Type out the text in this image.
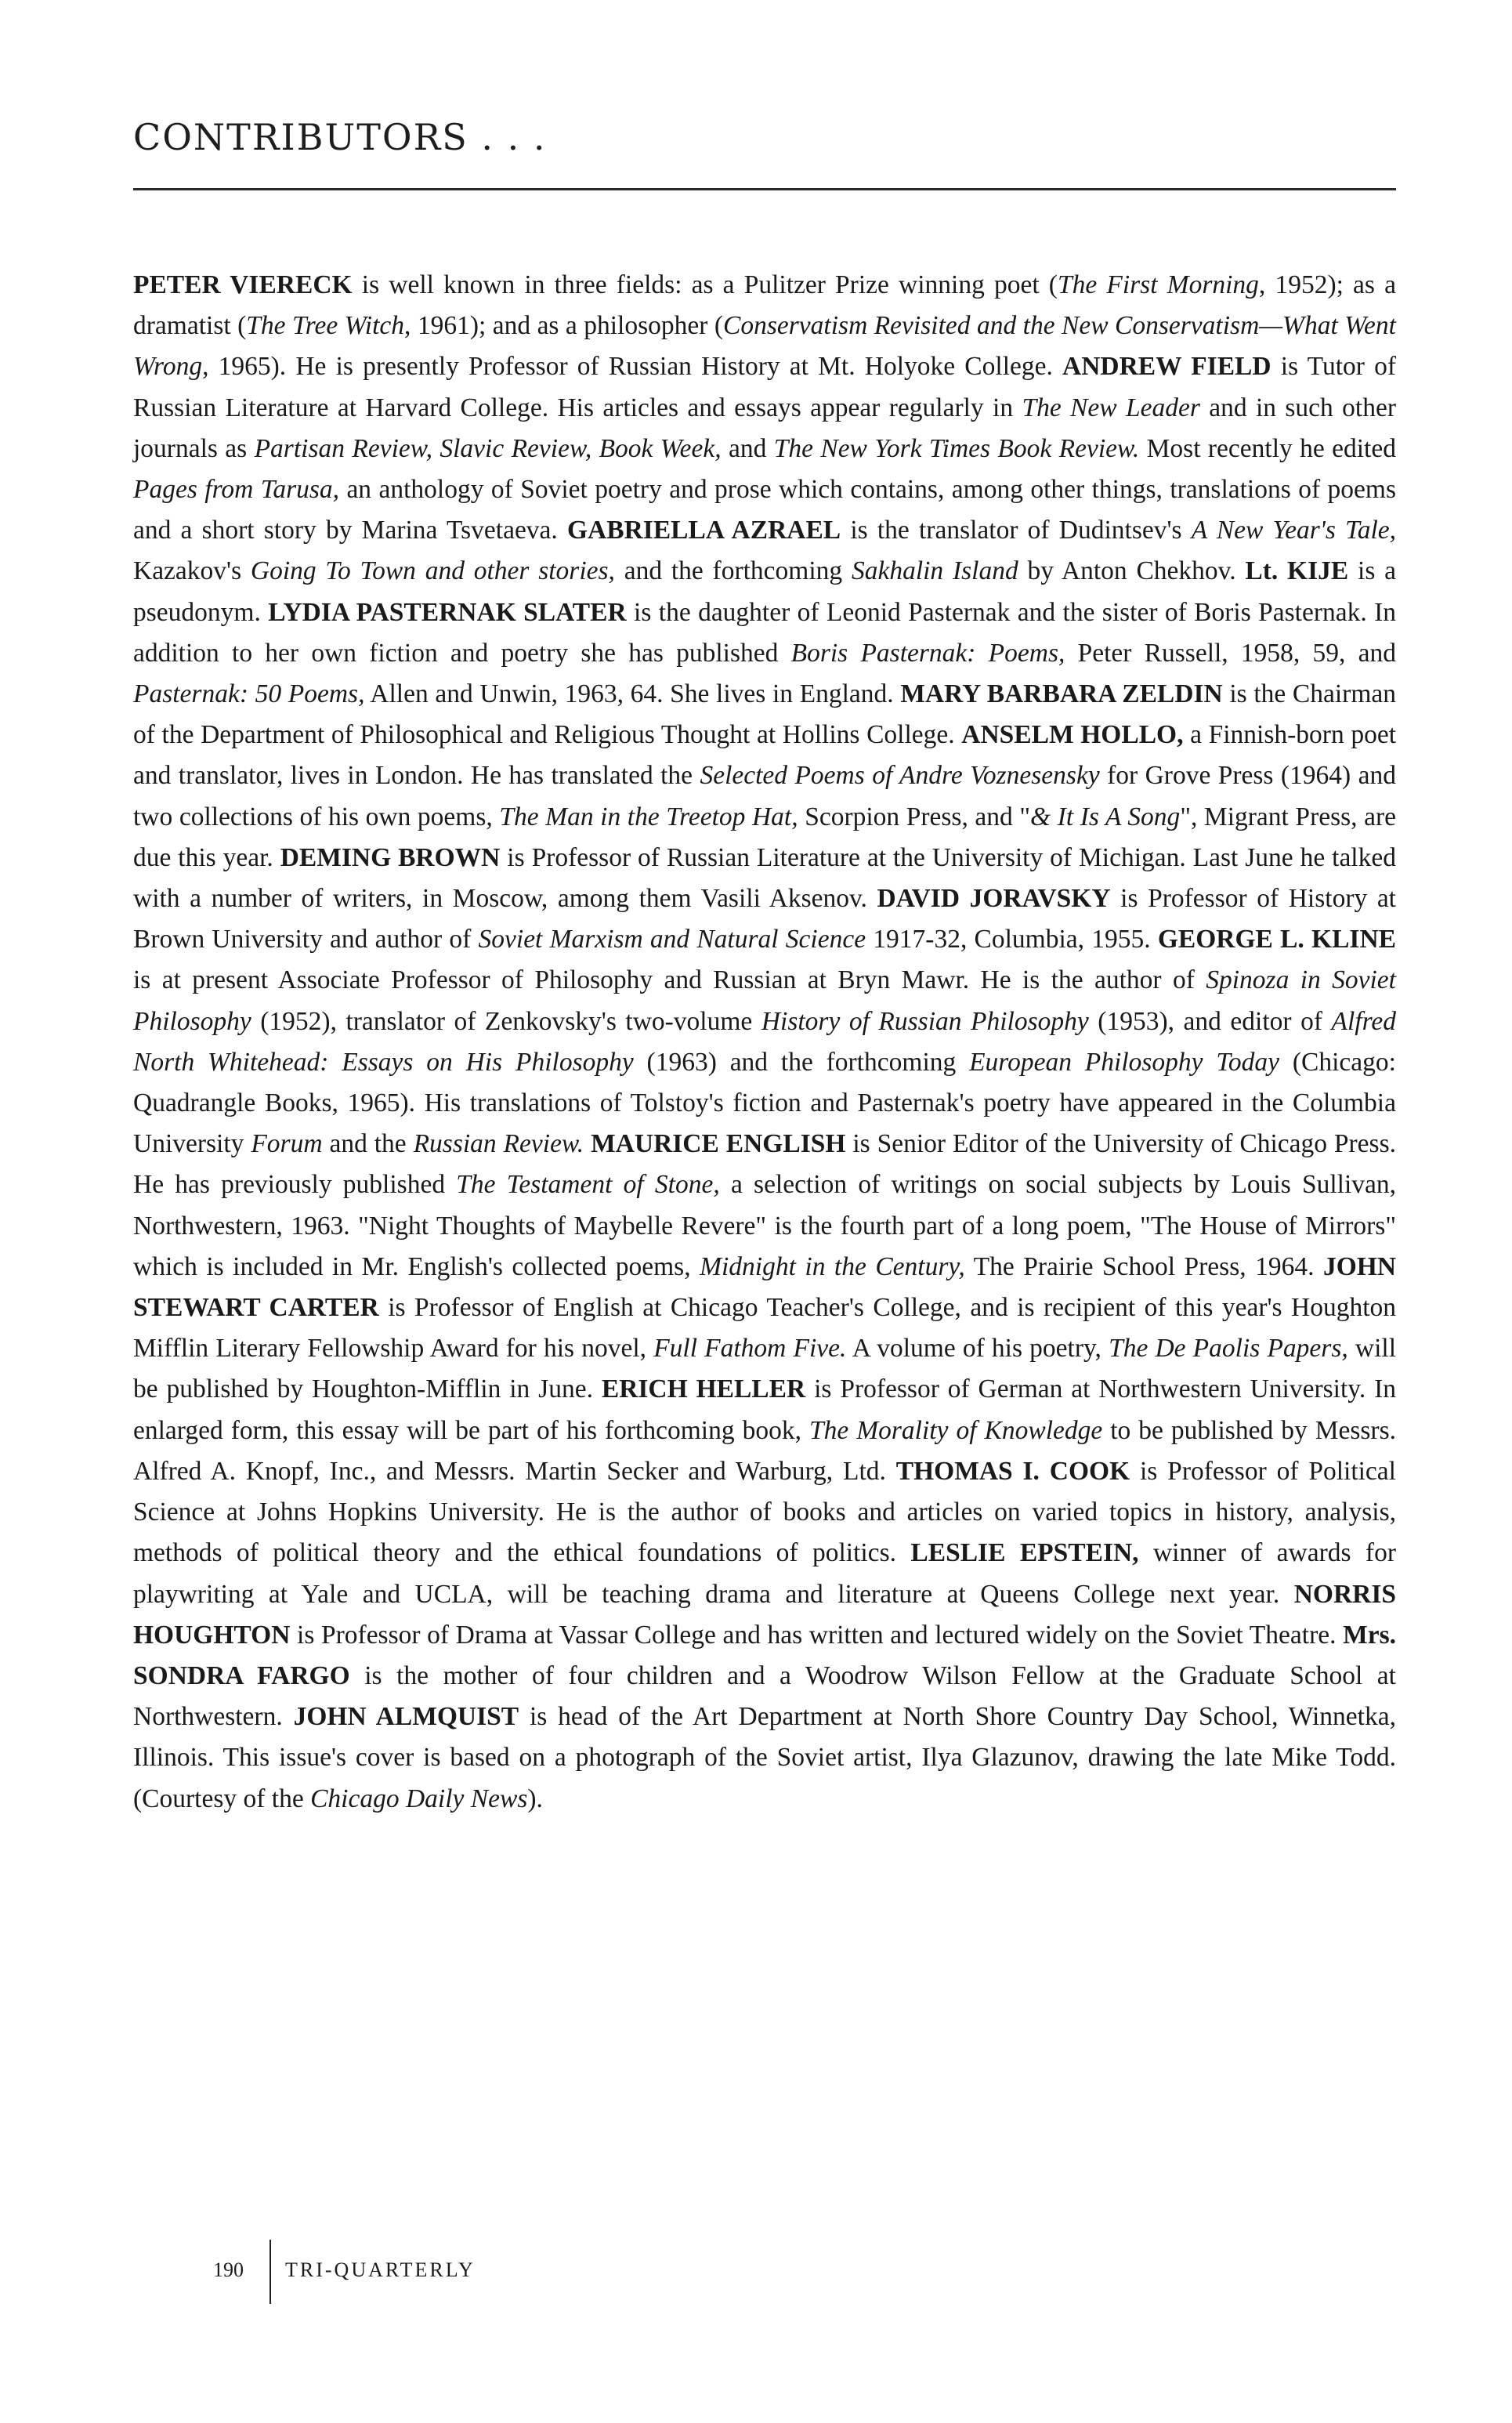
CONTRIBUTORS . . .

PETER VIERECK is well known in three fields: as a Pulitzer Prize winning poet (The First Morning, 1952); as a dramatist (The Tree Witch, 1961); and as a philosopher (Conservatism Revisited and the New Conservatism—What Went Wrong, 1965). He is presently Professor of Russian History at Mt. Holyoke College. ANDREW FIELD is Tutor of Russian Literature at Harvard College. His articles and essays appear regularly in The New Leader and in such other journals as Partisan Review, Slavic Review, Book Week, and The New York Times Book Review. Most recently he edited Pages from Tarusa, an anthology of Soviet poetry and prose which contains, among other things, translations of poems and a short story by Marina Tsvetaeva. GABRIELLA AZRAEL is the translator of Dudintsev's A New Year's Tale, Kazakov's Going To Town and other stories, and the forthcoming Sakhalin Island by Anton Chekhov. Lt. KIJE is a pseudonym. LYDIA PASTERNAK SLATER is the daughter of Leonid Pasternak and the sister of Boris Pasternak. In addition to her own fiction and poetry she has published Boris Pasternak: Poems, Peter Russell, 1958, 59, and Pasternak: 50 Poems, Allen and Unwin, 1963, 64. She lives in England. MARY BARBARA ZELDIN is the Chairman of the Department of Philosophical and Religious Thought at Hollins College. ANSELM HOLLO, a Finnish-born poet and translator, lives in London. He has translated the Selected Poems of Andre Voznesensky for Grove Press (1964) and two collections of his own poems, The Man in the Treetop Hat, Scorpion Press, and "& It Is A Song", Migrant Press, are due this year. DEMING BROWN is Professor of Russian Literature at the University of Michigan. Last June he talked with a number of writers, in Moscow, among them Vasili Aksenov. DAVID JORAVSKY is Professor of History at Brown University and author of Soviet Marxism and Natural Science 1917-32, Columbia, 1955. GEORGE L. KLINE is at present Associate Professor of Philosophy and Russian at Bryn Mawr. He is the author of Spinoza in Soviet Philosophy (1952), translator of Zenkovsky's two-volume History of Russian Philosophy (1953), and editor of Alfred North Whitehead: Essays on His Philosophy (1963) and the forthcoming European Philosophy Today (Chicago: Quadrangle Books, 1965). His translations of Tolstoy's fiction and Pasternak's poetry have appeared in the Columbia University Forum and the Russian Review. MAURICE ENGLISH is Senior Editor of the University of Chicago Press. He has previously published The Testament of Stone, a selection of writings on social subjects by Louis Sullivan, Northwestern, 1963. "Night Thoughts of Maybelle Revere" is the fourth part of a long poem, "The House of Mirrors" which is included in Mr. English's collected poems, Midnight in the Century, The Prairie School Press, 1964. JOHN STEWART CARTER is Professor of English at Chicago Teacher's College, and is recipient of this year's Houghton Mifflin Literary Fellowship Award for his novel, Full Fathom Five. A volume of his poetry, The De Paolis Papers, will be published by Houghton-Mifflin in June. ERICH HELLER is Professor of German at Northwestern University. In enlarged form, this essay will be part of his forthcoming book, The Morality of Knowledge to be published by Messrs. Alfred A. Knopf, Inc., and Messrs. Martin Secker and Warburg, Ltd. THOMAS I. COOK is Professor of Political Science at Johns Hopkins University. He is the author of books and articles on varied topics in history, analysis, methods of political theory and the ethical foundations of politics. LESLIE EPSTEIN, winner of awards for playwriting at Yale and UCLA, will be teaching drama and literature at Queens College next year. NORRIS HOUGHTON is Professor of Drama at Vassar College and has written and lectured widely on the Soviet Theatre. Mrs. SONDRA FARGO is the mother of four children and a Woodrow Wilson Fellow at the Graduate School at Northwestern. JOHN ALMQUIST is head of the Art Department at North Shore Country Day School, Winnetka, Illinois. This issue's cover is based on a photograph of the Soviet artist, Ilya Glazunov, drawing the late Mike Todd. (Courtesy of the Chicago Daily News).

190 TRI-QUARTERLY
